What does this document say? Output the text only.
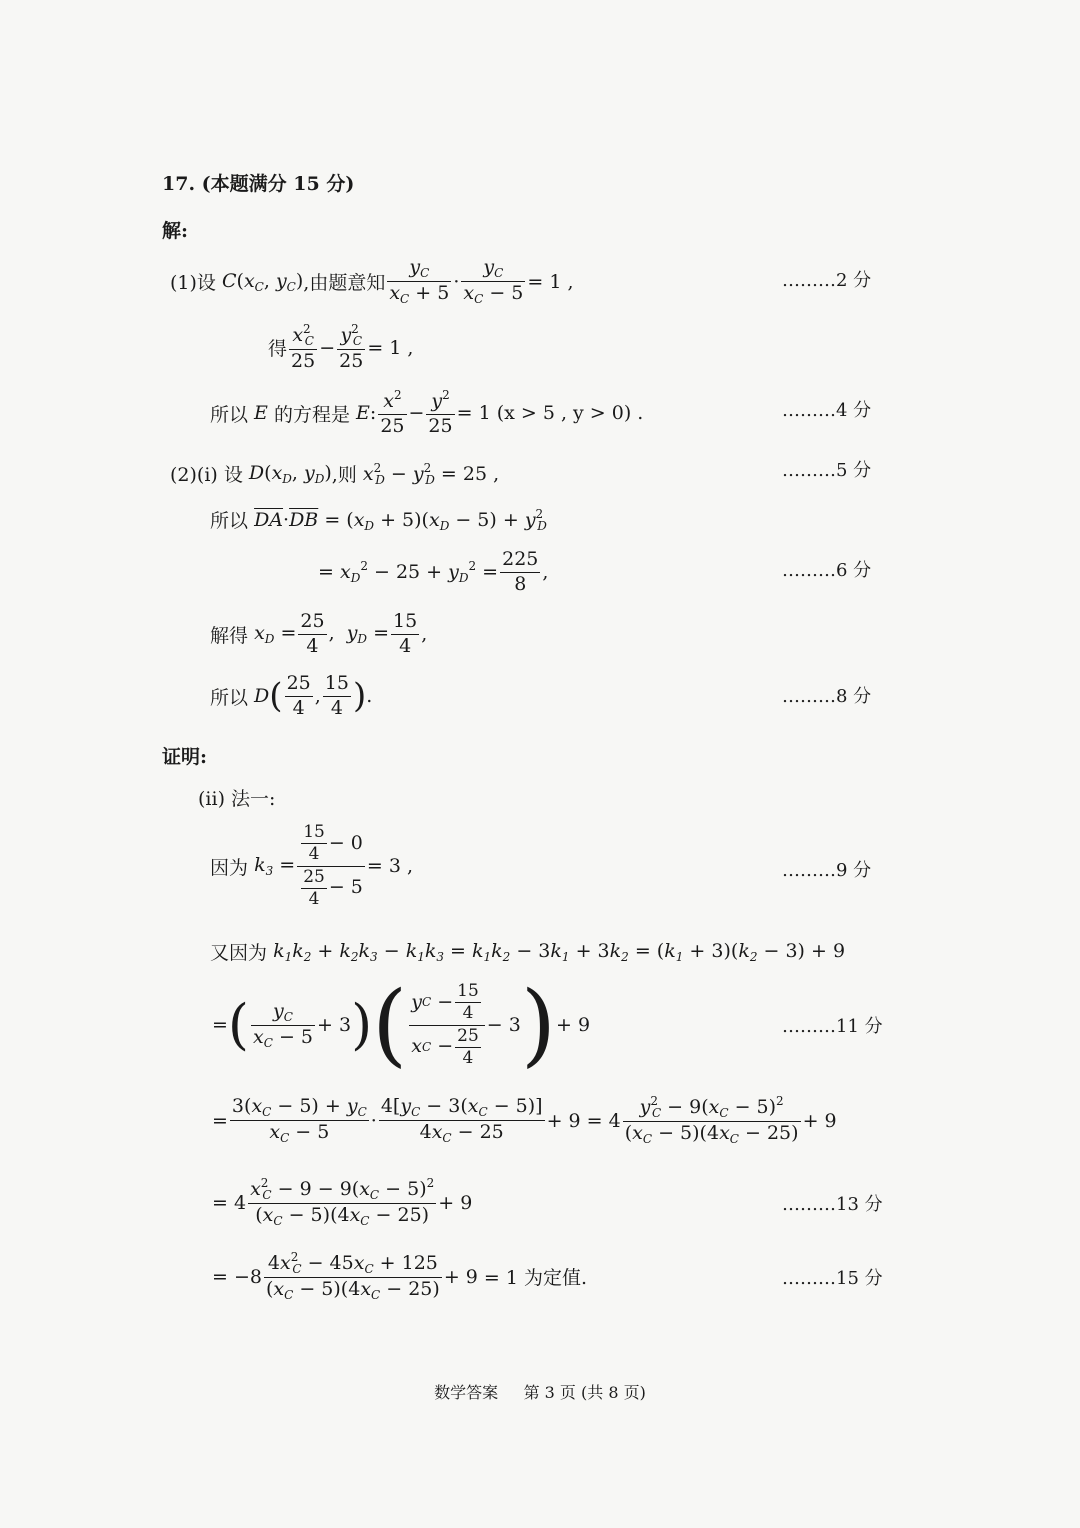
17. (本题满分 15 分)
解:
(1)设 $C(x_C$, $y_C$) ,由题意知 $\frac{y_C}{x_C + 5} \cdot \frac{y_C}{x_C - 5} = 1$ ,	………2 分
得 $\frac{x^2_C}{25} - \frac{y^2_C}{25} = 1$ ,
所以 E 的方程是 E : $\frac{x^2}{25} - \frac{y^2}{25} = 1$ (x > 5 , y > 0) .	………4 分
(2)(i) 设 $D(x_D$, $y_D$) ,则 $x^2_D - y^2_D = 25$ ,	………5 分
所以 $\overline{DA}\cdot\overline{DB} = (x_D + 5)(x_D - 5) + y^2_D$
= $x_D^2 - 25 + y_D^2 = \frac{225}{8}$ ,	………6 分
解得 $x_D = \frac{25}{4}$ ,  $y_D = \frac{15}{4}$ ,
所以 D ( $\frac{25}{4}$ , $\frac{15}{4}$ ) .	………8 分
证明:
(ii) 法一:
因为 $k_3 = \frac{\frac{15}{4} - 0}{\frac{25}{4} - 5} = 3$ ,	………9 分
又因为 $k_1k_2 + k_2k_3 - k_1k_3 = k_1k_2 - 3k_1 + 3k_2 = (k_1 + 3)(k_2 - 3) + 9$
= ( $\frac{y_C}{x_C - 5} + 3$ ) ( $\frac{y C - \frac{15}{4}}{x C - \frac{25}{4}} - 3$ ) + 9	………11 分
= $\frac{3(x_C - 5) + y_C}{x_C - 5} \cdot \frac{4[y_C - 3(x_C - 5)]}{4x_C - 25} + 9 = 4 \frac{y^2_C - 9(x_C - 5)^2}{(x_C - 5)(4x_C - 25)} + 9$
= $4 \frac{x^2_C - 9 - 9(x_C - 5)^2}{(x_C - 5)(4x_C - 25)} + 9$	………13 分
= $-8 \frac{4x^2_C - 45x_C + 125}{(x_C - 5)(4x_C - 25)} + 9 = 1$ 为定值.	………15 分
数学答案 第 3 页 (共 8 页)
